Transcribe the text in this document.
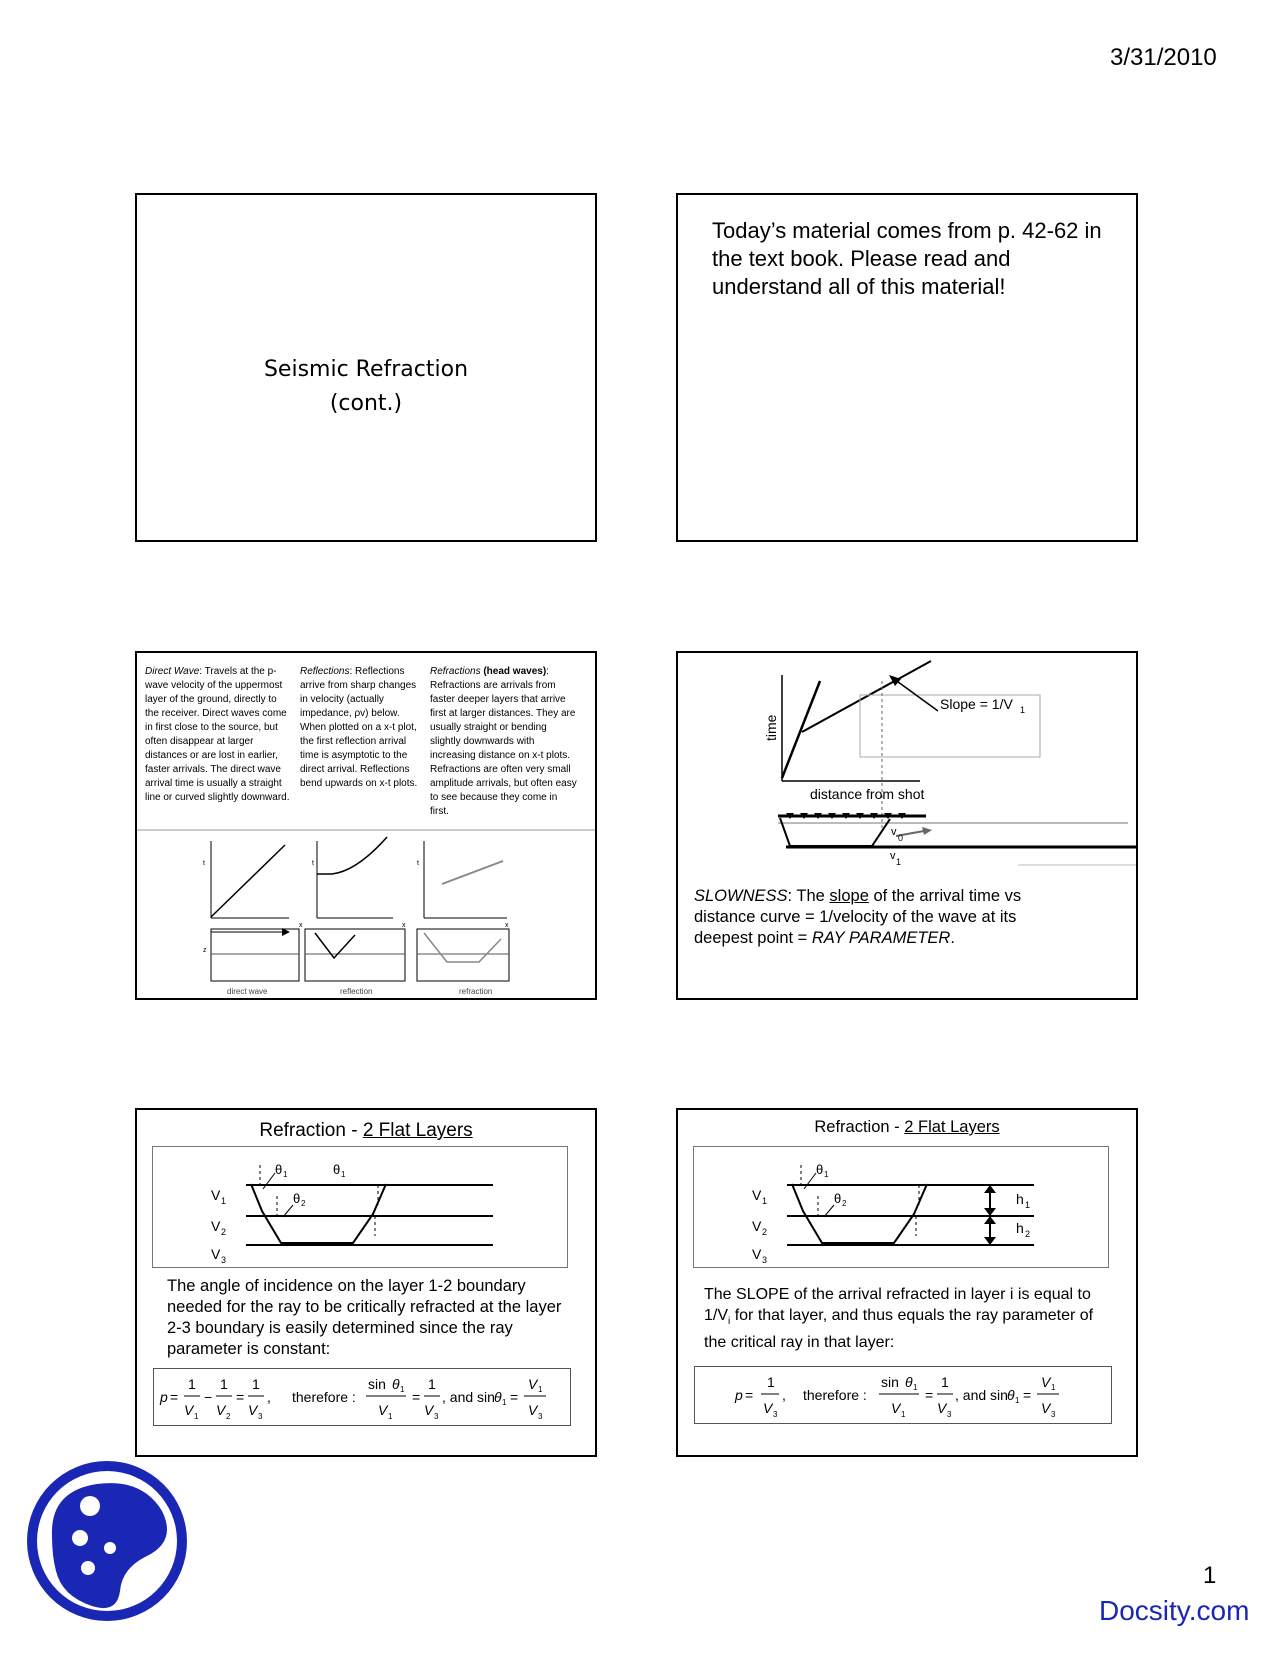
3/31/2010
Seismic Refraction
(cont.)
Today’s material comes from p. 42-62 in the text book. Please read and understand all of this material!
Direct Wave: Travels at the p-wave velocity of the uppermost layer of the ground, directly to the receiver. Direct waves come in first close to the source, but often disappear at larger distances or are lost in earlier, faster arrivals. The direct wave arrival time is usually a straight line or curved slightly downward.
Reflections: Reflections arrive from sharp changes in velocity (actually impedance, ρv) below. When plotted on a x-t plot, the first reflection arrival time is asymptotic to the direct arrival. Reflections bend upwards on x-t plots.
Refractions (head waves): Refractions are arrivals from faster deeper layers that arrive first at larger distances. They are usually straight or bending slightly downwards with increasing distance on x-t plots. Refractions are often very small amplitude arrivals, but often easy to see because they come in first.
t
x
z
direct wave
t
x
reflection
t
x
refraction
Slope = 1/V 1
time
distance from shot
v 0
v 1
SLOWNESS: The slope of the arrival time vs distance curve = 1/velocity of the wave at its deepest point = RAY PARAMETER.
Refraction - 2 Flat Layers
θ 1	θ 1
θ 2
V 1
V 2
V 3
The angle of incidence on the layer 1-2 boundary needed for the ray to be critically refracted at the layer 2-3 boundary is easily determined since the ray parameter is constant:
p =
1
V 1
−
1
V 2
=
1
V 3
, therefore :
sin θ 1
V 1
=
1
V 3
, and sin θ 1 =
V 1
V 3
Refraction - 2 Flat Layers
θ 1
θ 2
V 1
V 2
V 3
h 1
h 2
The SLOPE of the arrival refracted in layer i is equal to $1/V_i$ for that layer, and thus equals the ray parameter of the critical ray in that layer:
p =
1
V 3
, therefore :
sin θ 1
V 1
=
1
V 3
, and sin θ 1 =
V 1
V 3
1
Docsity.com
